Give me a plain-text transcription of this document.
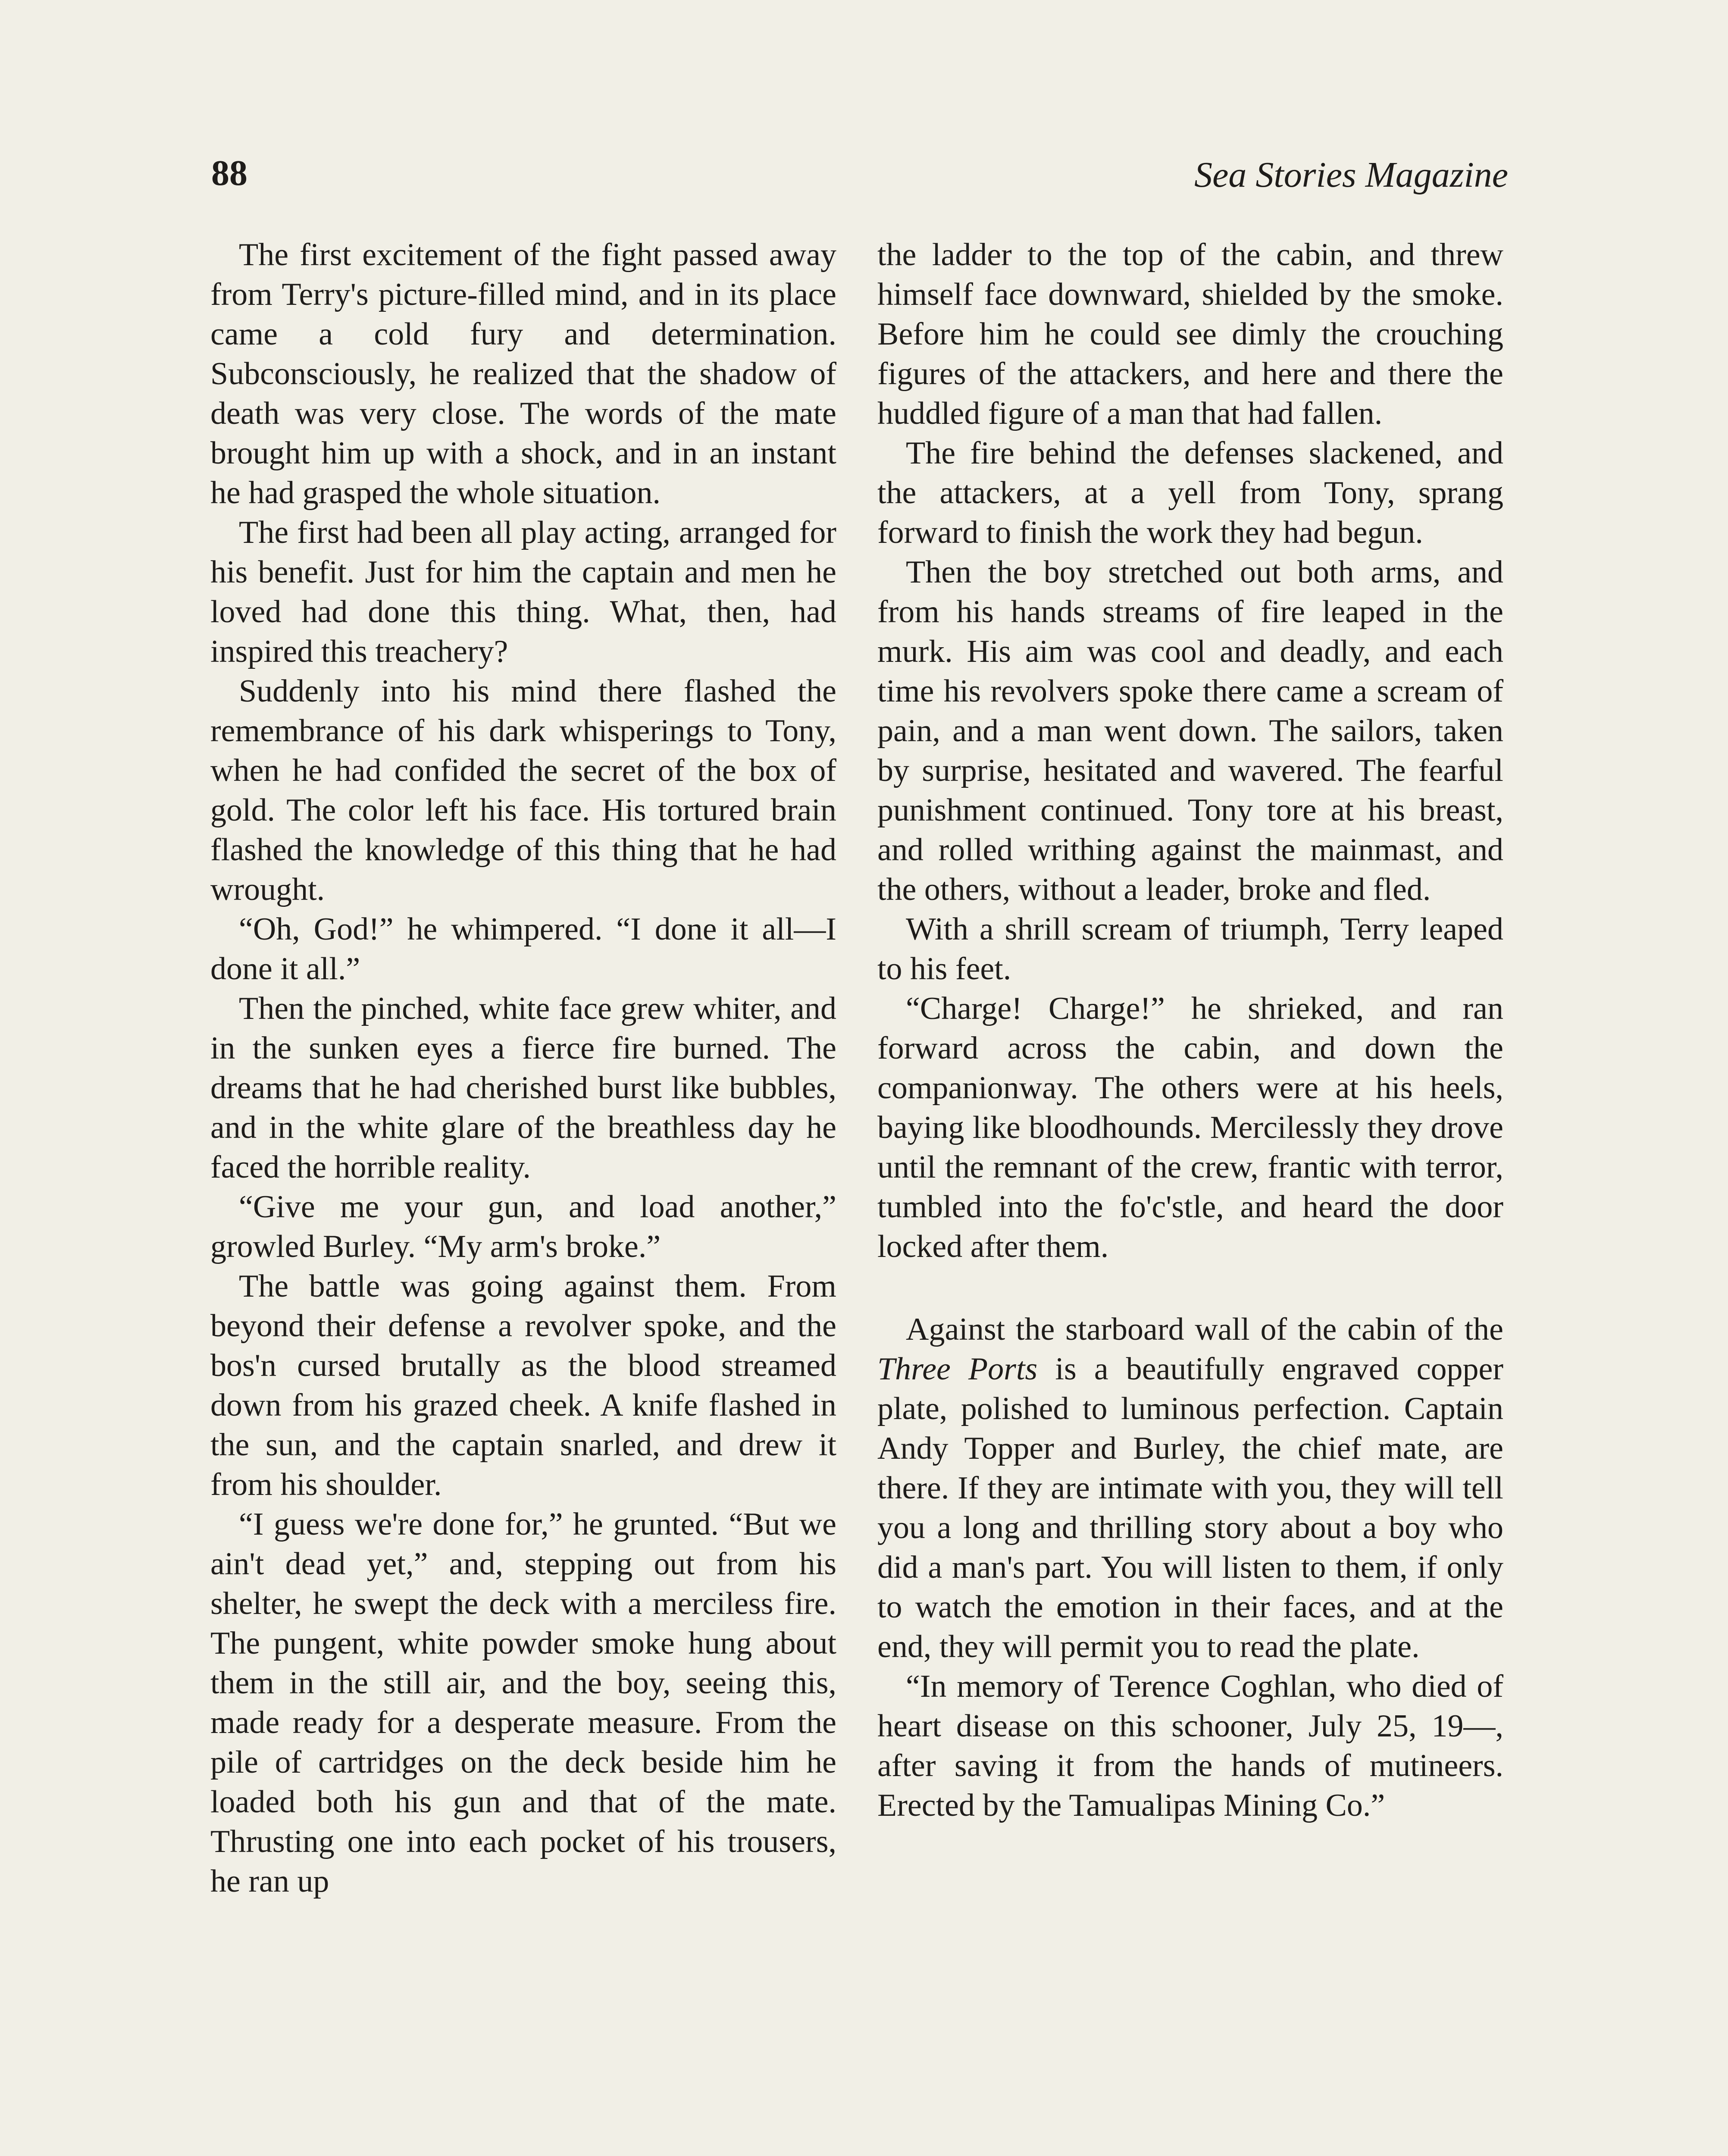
88	Sea Stories Magazine

The first excitement of the fight passed away from Terry's picture-filled mind, and in its place came a cold fury and determination. Subconsciously, he realized that the shadow of death was very close. The words of the mate brought him up with a shock, and in an instant he had grasped the whole situation.

The first had been all play acting, arranged for his benefit. Just for him the captain and men he loved had done this thing. What, then, had inspired this treachery?

Suddenly into his mind there flashed the remembrance of his dark whisperings to Tony, when he had confided the secret of the box of gold. The color left his face. His tortured brain flashed the knowledge of this thing that he had wrought.

“Oh, God!” he whimpered. “I done it all—I done it all.”

Then the pinched, white face grew whiter, and in the sunken eyes a fierce fire burned. The dreams that he had cherished burst like bubbles, and in the white glare of the breathless day he faced the horrible reality.

“Give me your gun, and load another,” growled Burley. “My arm's broke.”

The battle was going against them. From beyond their defense a revolver spoke, and the bos'n cursed brutally as the blood streamed down from his grazed cheek. A knife flashed in the sun, and the captain snarled, and drew it from his shoulder.

“I guess we're done for,” he grunted. “But we ain't dead yet,” and, stepping out from his shelter, he swept the deck with a merciless fire. The pungent, white powder smoke hung about them in the still air, and the boy, seeing this, made ready for a desperate measure. From the pile of cartridges on the deck beside him he loaded both his gun and that of the mate. Thrusting one into each pocket of his trousers, he ran up

the ladder to the top of the cabin, and threw himself face downward, shielded by the smoke. Before him he could see dimly the crouching figures of the attackers, and here and there the huddled figure of a man that had fallen.

The fire behind the defenses slackened, and the attackers, at a yell from Tony, sprang forward to finish the work they had begun.

Then the boy stretched out both arms, and from his hands streams of fire leaped in the murk. His aim was cool and deadly, and each time his revolvers spoke there came a scream of pain, and a man went down. The sailors, taken by surprise, hesitated and wavered. The fearful punishment continued. Tony tore at his breast, and rolled writhing against the mainmast, and the others, without a leader, broke and fled.

With a shrill scream of triumph, Terry leaped to his feet.

“Charge! Charge!” he shrieked, and ran forward across the cabin, and down the companionway. The others were at his heels, baying like bloodhounds. Mercilessly they drove until the remnant of the crew, frantic with terror, tumbled into the fo'c'stle, and heard the door locked after them.

Against the starboard wall of the cabin of the Three Ports is a beautifully engraved copper plate, polished to luminous perfection. Captain Andy Topper and Burley, the chief mate, are there. If they are intimate with you, they will tell you a long and thrilling story about a boy who did a man's part. You will listen to them, if only to watch the emotion in their faces, and at the end, they will permit you to read the plate.

“In memory of Terence Coghlan, who died of heart disease on this schooner, July 25, 19—, after saving it from the hands of mutineers. Erected by the Tamualipas Mining Co.”
